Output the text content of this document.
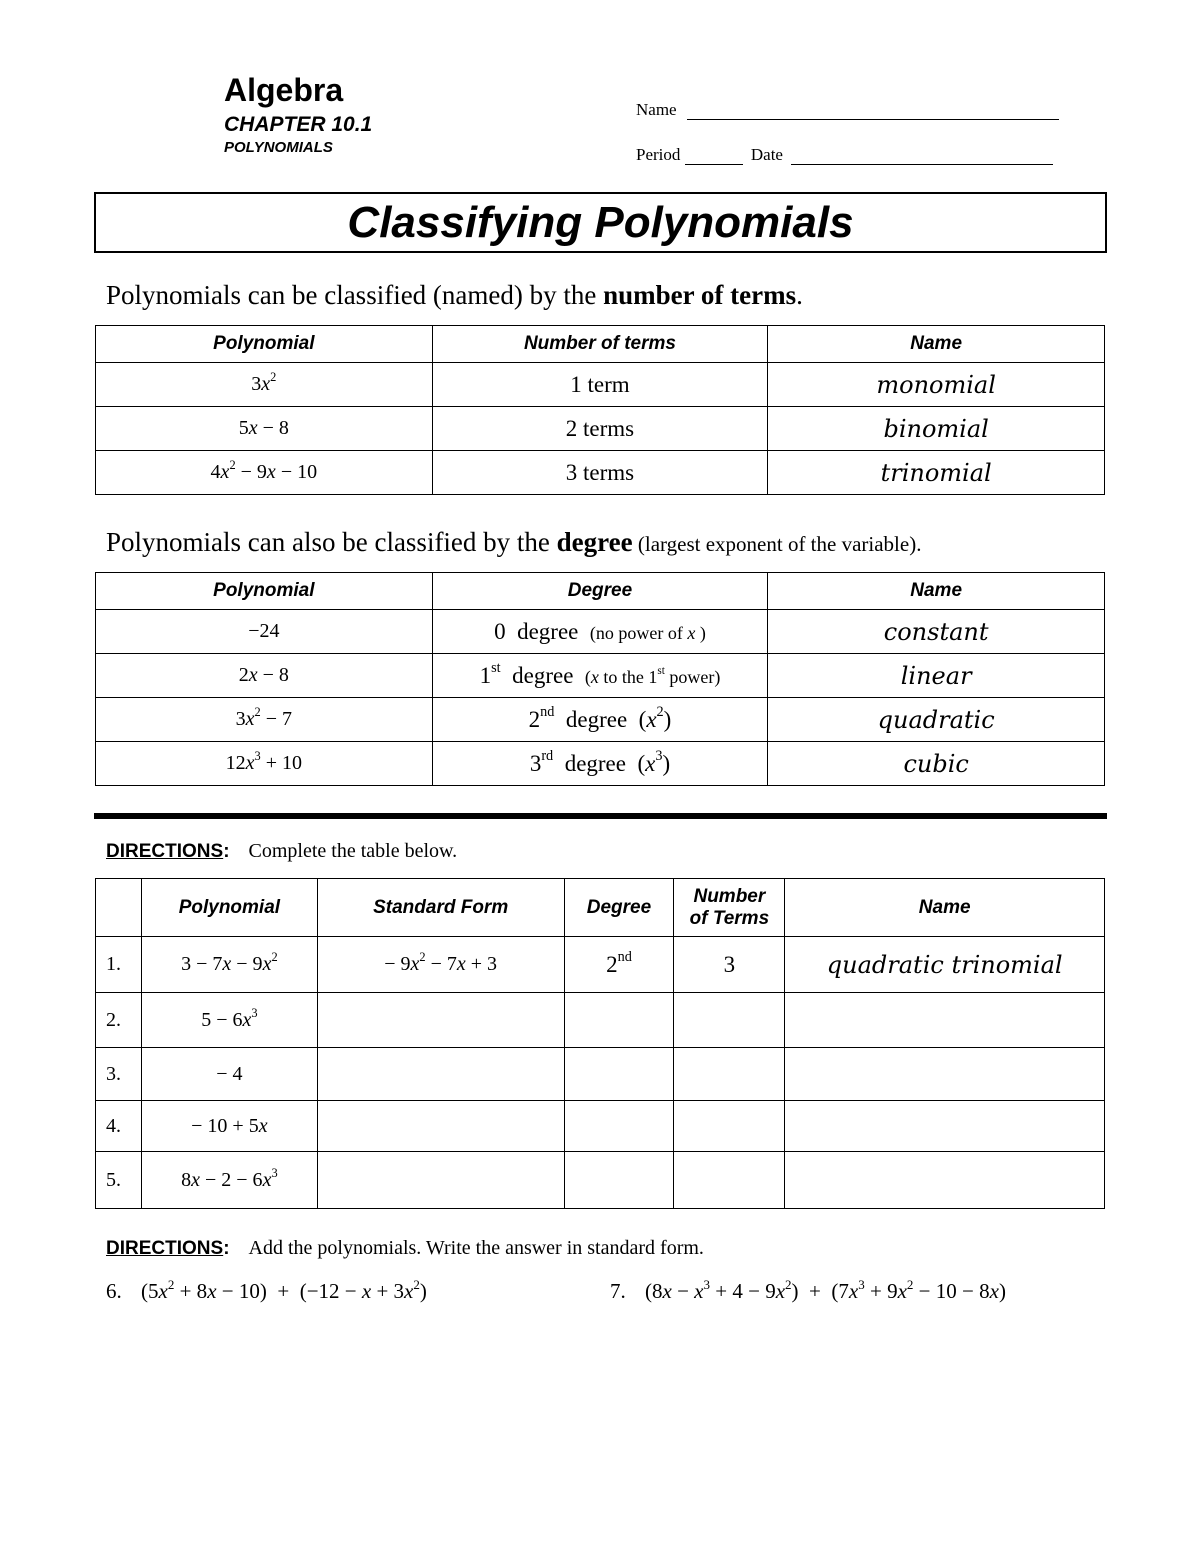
Algebra
CHAPTER 10.1
POLYNOMIALS
Name
Period	Date
Classifying Polynomials
Polynomials can be classified (named) by the number of terms.
Polynomial	Number of terms	Name
$3x^2$	1 term	monomial
5x − 8	2 terms	binomial
$4x^2 - 9x - 10$	3 terms	trinomial
Polynomials can also be classified by the degree (largest exponent of the variable).
Polynomial	Degree	Name
−24	0  degree  (no power of x )	constant
2x − 8	1st  degree  (x to the 1st power)	linear
$3x^2 - 7$	2nd  degree  $(x^2)$	quadratic
$12x^3 + 10$	3rd  degree  $(x^3)$	cubic
DIRECTIONS: Complete the table below.
	Polynomial	Standard Form	Degree	Number of Terms	Name
1.	$3 - 7x - 9x^2$	− $9x^2 - 7x + 3$	2nd	3	quadratic trinomial
2.	$5 - 6x^3$				
3.	− 4				
4.	− 10 + 5x				
5.	$8x - 2 - 6x^3$				
DIRECTIONS: Add the polynomials. Write the answer in standard form.
6. $(5x^2 + 8x - 10) + (-12 - x + 3x^2)$	7. $(8x - x^3 + 4 - 9x^2) + (7x^3 + 9x^2 - 10 - 8x)$
